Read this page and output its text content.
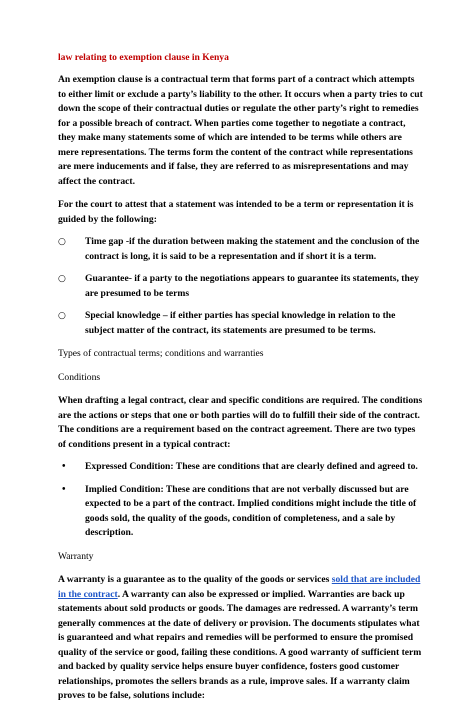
law relating to exemption clause in Kenya

An exemption clause is a contractual term that forms part of a contract which attempts to either limit or exclude a party’s liability to the other. It occurs when a party tries to cut down the scope of their contractual duties or regulate the other party’s right to remedies for a possible breach of contract. When parties come together to negotiate a contract, they make many statements some of which are intended to be terms while others are mere representations. The terms form the content of the contract while representations are mere inducements and if false, they are referred to as misrepresentations and may affect the contract.

For the court to attest that a statement was intended to be a term or representation it is guided by the following:

○ Time gap -if the duration between making the statement and the conclusion of the contract is long, it is said to be a representation and if short it is a term.
○ Guarantee- if a party to the negotiations appears to guarantee its statements, they are presumed to be terms
○ Special knowledge – if either parties has special knowledge in relation to the subject matter of the contract, its statements are presumed to be terms.

Types of contractual terms; conditions and warranties

Conditions

When drafting a legal contract, clear and specific conditions are required. The conditions are the actions or steps that one or both parties will do to fulfill their side of the contract. The conditions are a requirement based on the contract agreement. There are two types of conditions present in a typical contract:

• Expressed Condition: These are conditions that are clearly defined and agreed to.
• Implied Condition: These are conditions that are not verbally discussed but are expected to be a part of the contract. Implied conditions might include the title of goods sold, the quality of the goods, condition of completeness, and a sale by description.

Warranty

A warranty is a guarantee as to the quality of the goods or services sold that are included in the contract. A warranty can also be expressed or implied. Warranties are back up statements about sold products or goods. The damages are redressed. A warranty’s term generally commences at the date of delivery or provision. The documents stipulates what is guaranteed and what repairs and remedies will be performed to ensure the promised quality of the service or good, failing these conditions. A good warranty of sufficient term and backed by quality service helps ensure buyer confidence, fosters good customer relationships, promotes the sellers brands as a rule, improve sales. If a warranty claim proves to be false, solutions include:
